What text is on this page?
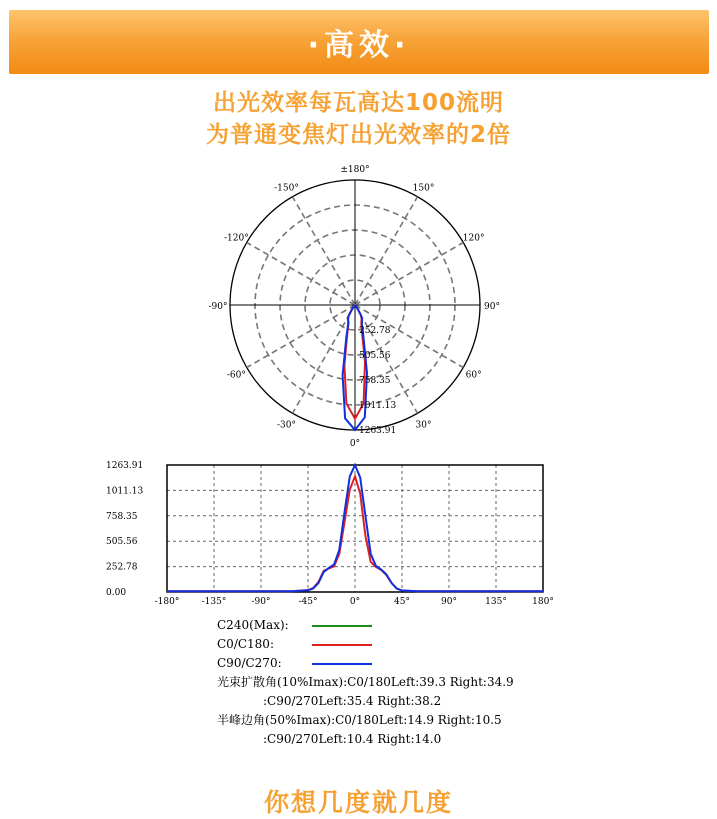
·高效·
出光效率每瓦高达100流明
为普通变焦灯出光效率的2倍
±180°
150°
120°
90°
60°
30°
0°
-30°
-60°
-90°
-120°
-150°
252.78
505.56
758.35
1011.13
1263.91
-180° -135°	-90°	-45°	0°	45°	90°	135°	180°
0.00
252.78
505.56
758.35
1011.13
1263.91
C240(Max):
C0/C180:
C90/C270:
光束扩散角(10%Imax):C0/180Left:39.3 Right:34.9
:C90/270Left:35.4 Right:38.2
半峰边角(50%Imax):C0/180Left:14.9 Right:10.5
:C90/270Left:10.4 Right:14.0
你想几度就几度
